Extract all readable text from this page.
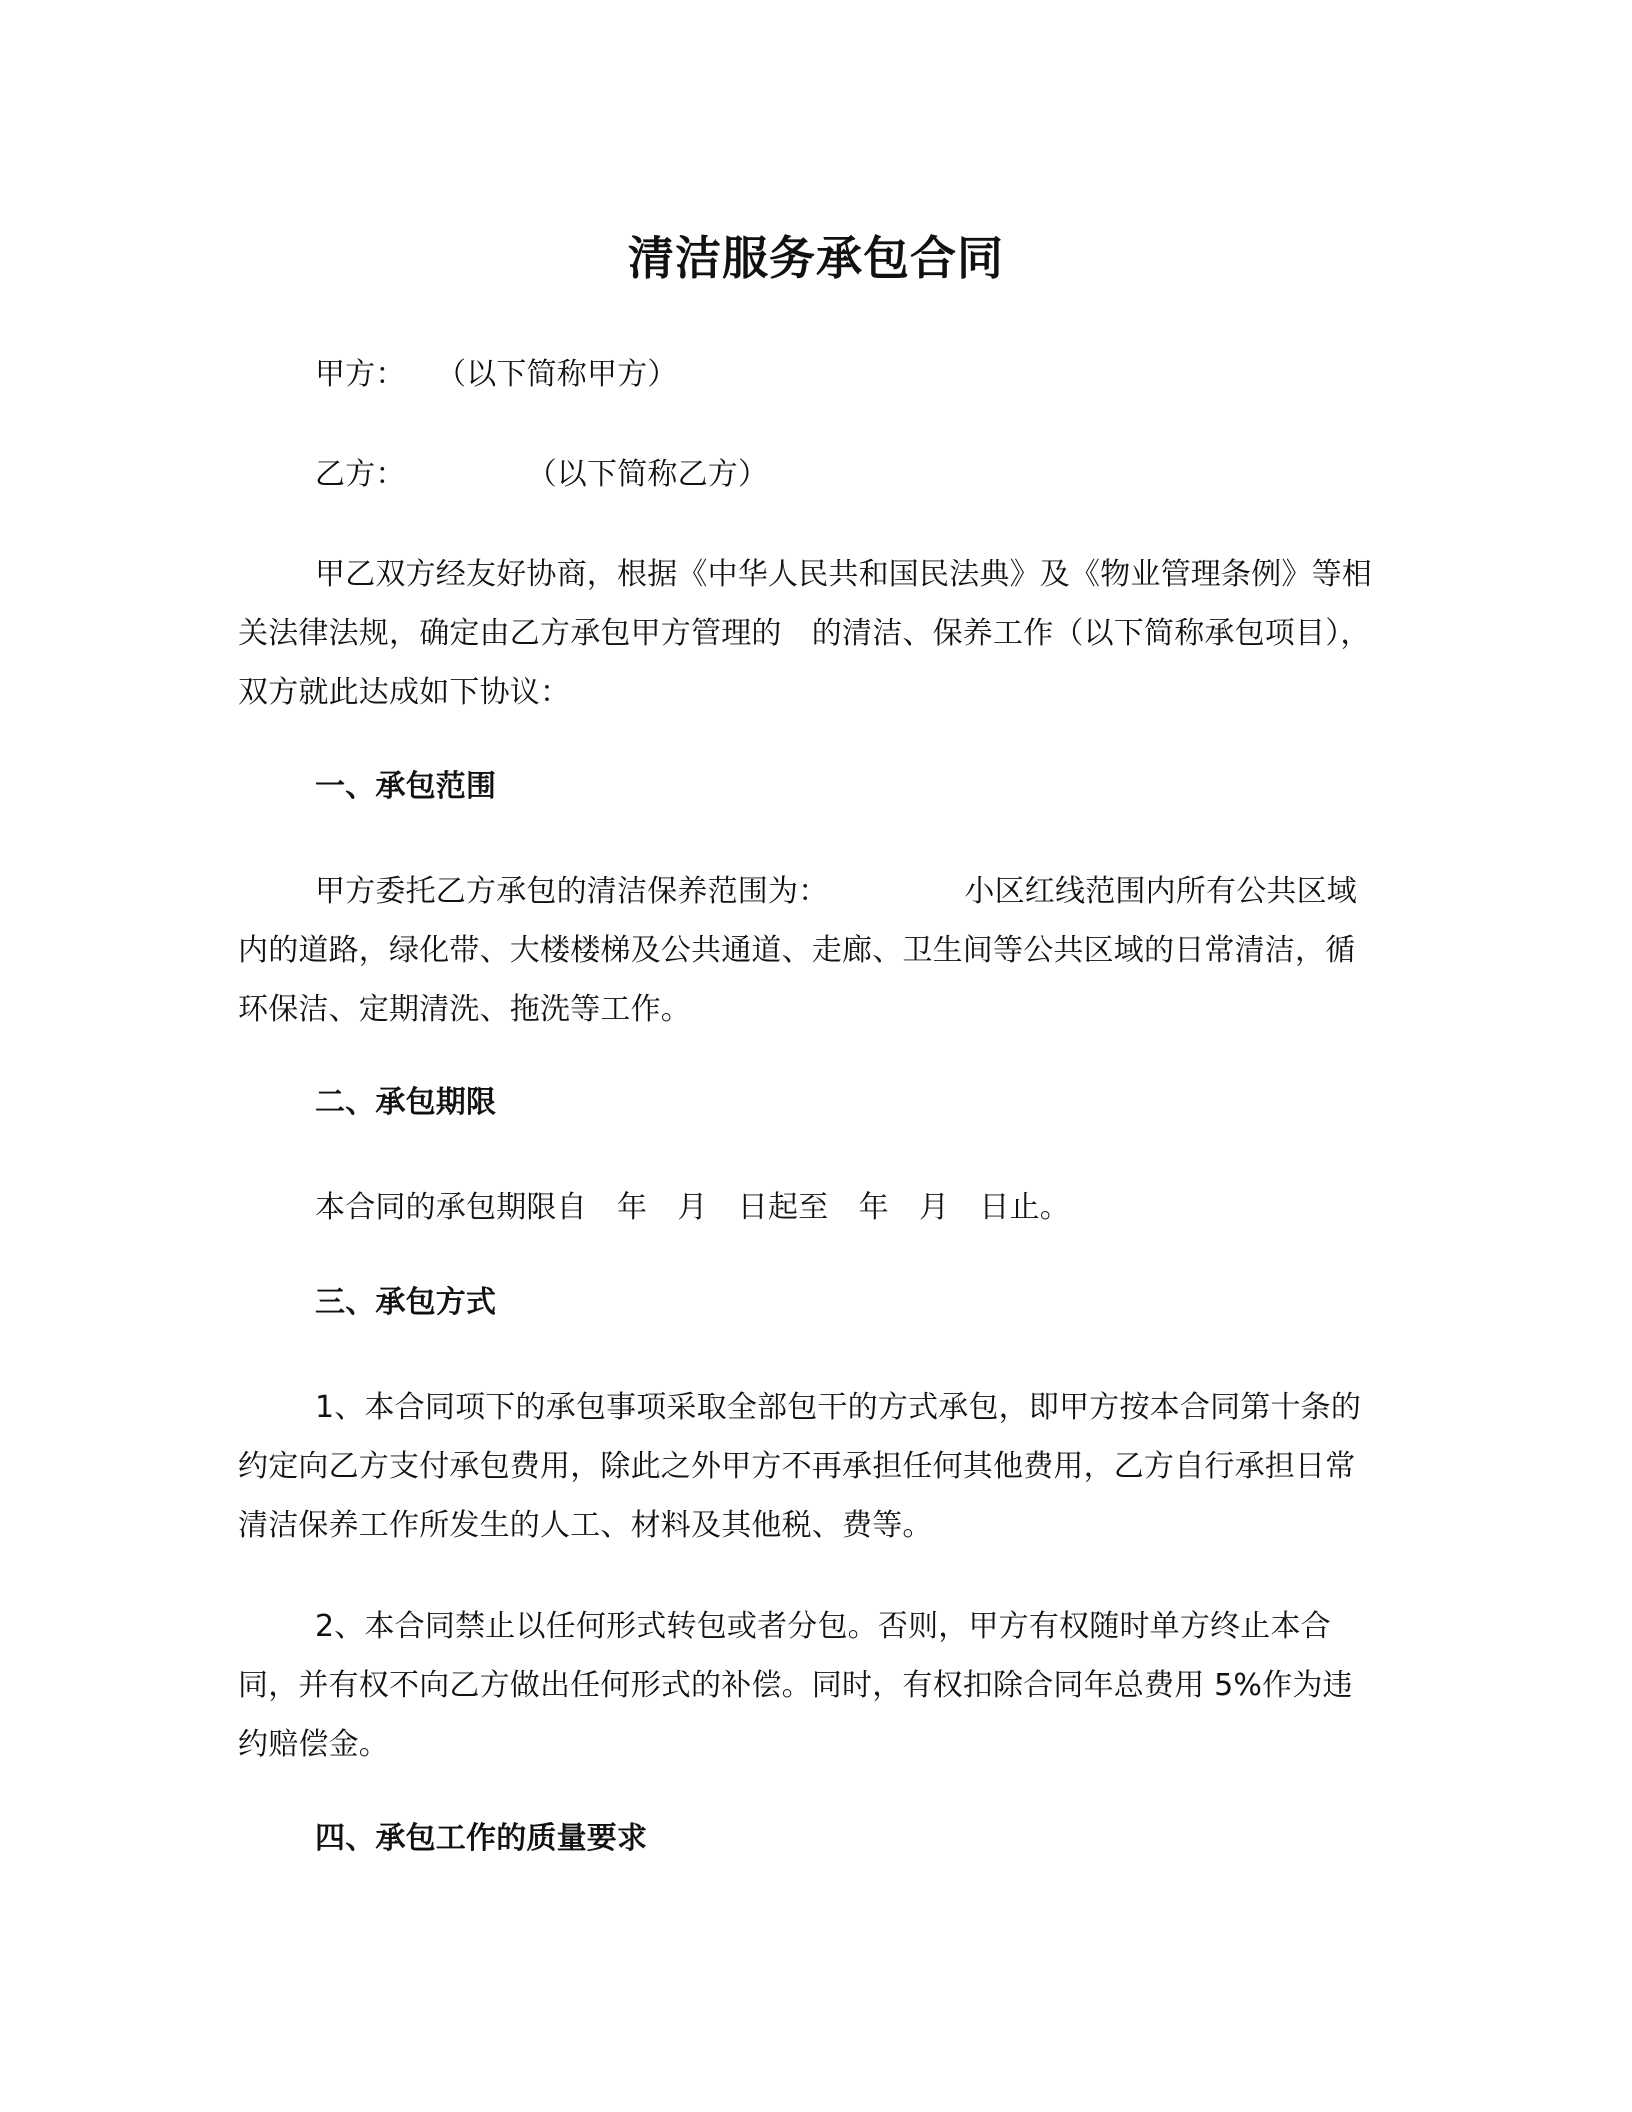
清洁服务承包合同

甲方：　　（以下简称甲方）

乙方：　　　　　（以下简称乙方）

甲乙双方经友好协商，根据《中华人民共和国民法典》及《物业管理条例》等相关法律法规，确定由乙方承包甲方管理的　的清洁、保养工作（以下简称承包项目），双方就此达成如下协议：

一、承包范围

甲方委托乙方承包的清洁保养范围为：　　　　　小区红线范围内所有公共区域内的道路，绿化带、大楼楼梯及公共通道、走廊、卫生间等公共区域的日常清洁，循环保洁、定期清洗、拖洗等工作。

二、承包期限

本合同的承包期限自　年　月　日起至　年　月　日止。

三、承包方式

1、本合同项下的承包事项采取全部包干的方式承包，即甲方按本合同第十条的约定向乙方支付承包费用，除此之外甲方不再承担任何其他费用，乙方自行承担日常清洁保养工作所发生的人工、材料及其他税、费等。

2、本合同禁止以任何形式转包或者分包。否则，甲方有权随时单方终止本合同，并有权不向乙方做出任何形式的补偿。同时，有权扣除合同年总费用 5%作为违约赔偿金。

四、承包工作的质量要求
